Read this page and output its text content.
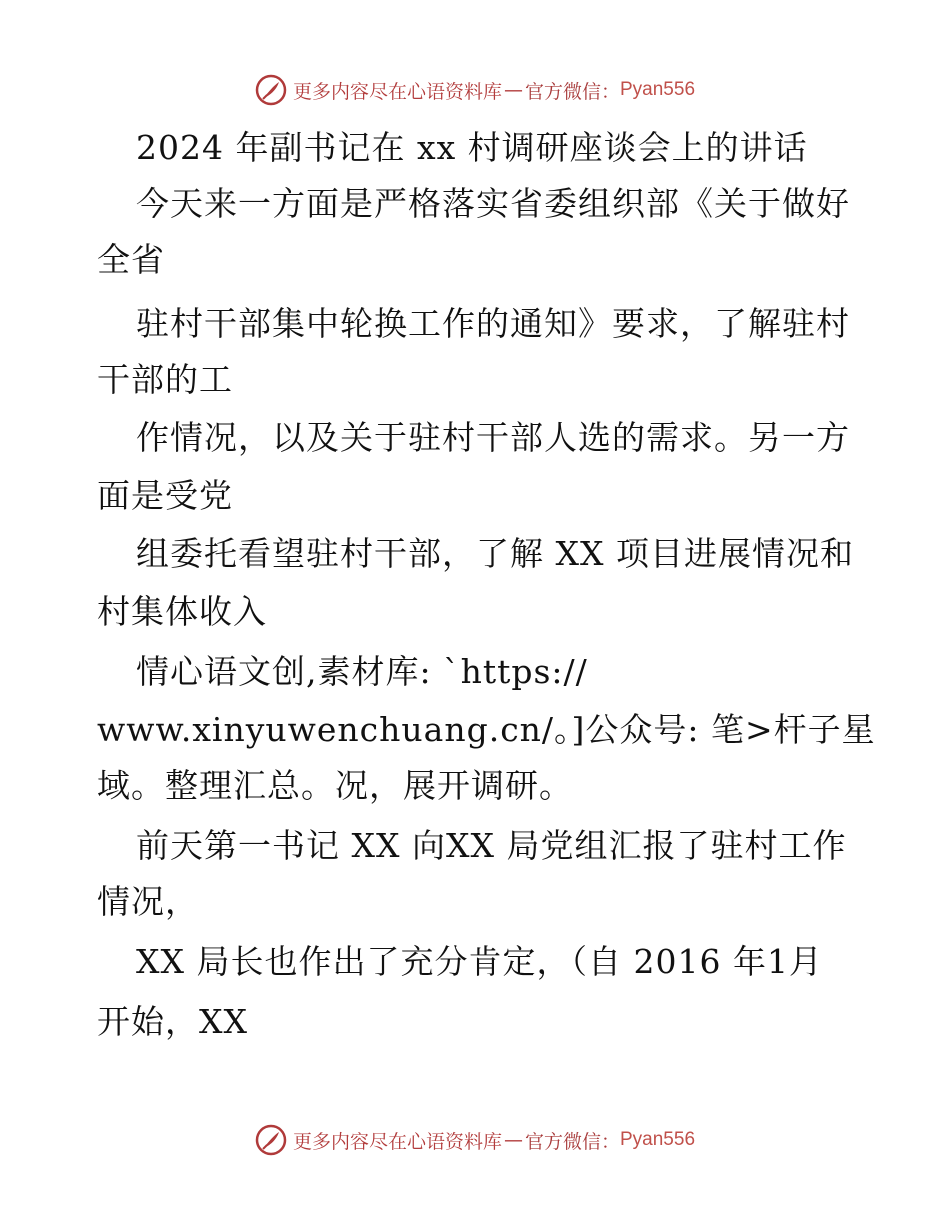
更多内容尽在心语资料库 — 官方微信： Pyan556
2024 年副书记在 xx 村调研座谈会上的讲话
今天来一方面是严格落实省委组织部《关于做好
全省
驻村干部集中轮换工作的通知》要求，了解驻村
干部的工
作情况，以及关于驻村干部人选的需求。另一方
面是受党
组委托看望驻村干部，了解 XX 项目进展情况和
村集体收入
情心语文创,素材库: `https://
www.xinyuwenchuang.cn/。]公众号: 笔>杆子星
域。整理汇总。况，展开调研。
前天第一书记 XX 向XX 局党组汇报了驻村工作
情况，
XX 局长也作出了充分肯定，（自 2016 年1月
开始，XX
更多内容尽在心语资料库 — 官方微信： Pyan556
